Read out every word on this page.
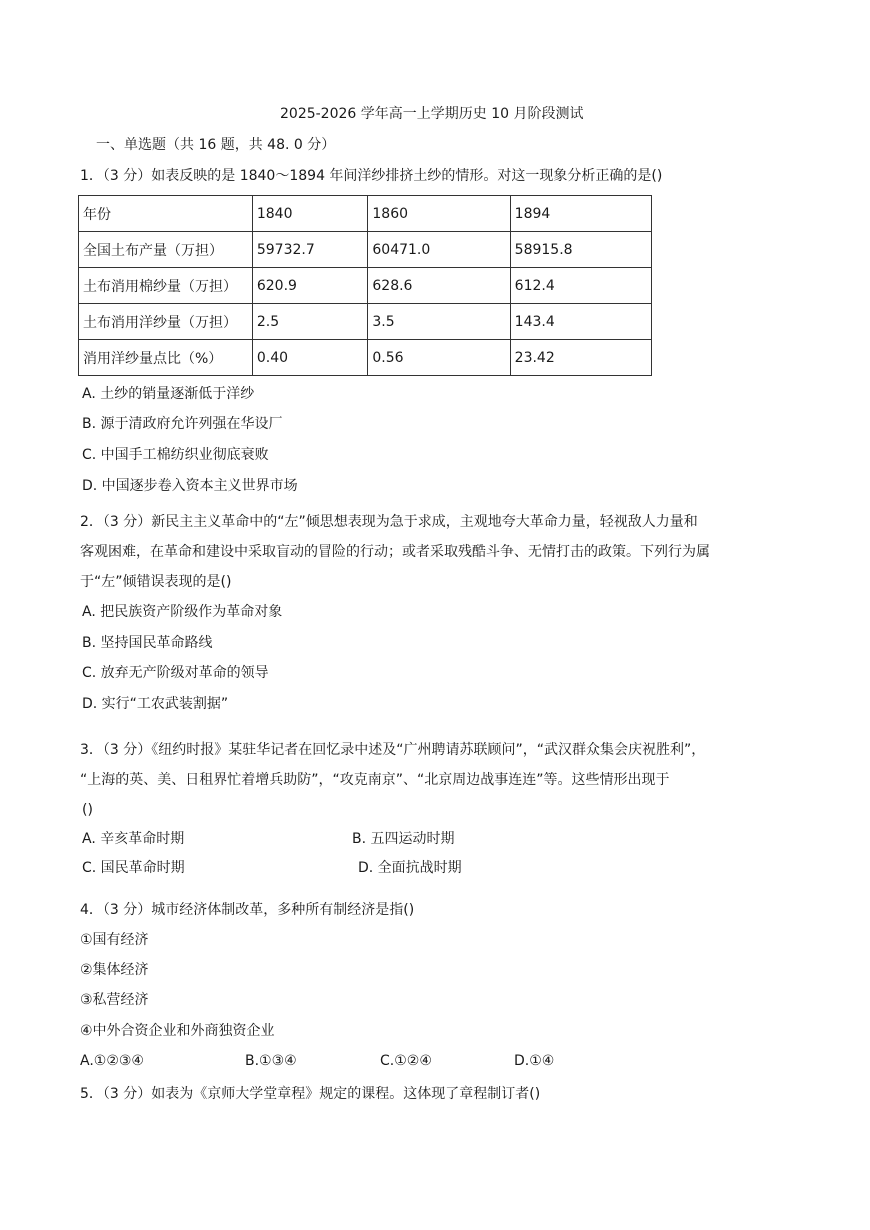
2025-2026 学年高一上学期历史 10 月阶段测试
一、单选题（共 16 题，共 48. 0 分）
1．（3 分）如表反映的是 1840～1894 年间洋纱排挤土纱的情形。对这一现象分析正确的是()
年份	1840	1860	1894
全国土布产量（万担）	59732.7	60471.0	58915.8
土布消用棉纱量（万担）	620.9	628.6	612.4
土布消用洋纱量（万担）	2.5	3.5	143.4
消用洋纱量点比（%）	0.40	0.56	23.42
A. 土纱的销量逐渐低于洋纱
B. 源于清政府允许列强在华设厂
C. 中国手工棉纺织业彻底衰败
D. 中国逐步卷入资本主义世界市场
2．（3 分）新民主主义革命中的“左”倾思想表现为急于求成，主观地夸大革命力量，轻视敌人力量和
客观困难，在革命和建设中采取盲动的冒险的行动；或者采取残酷斗争、无情打击的政策。下列行为属
于“左”倾错误表现的是()
A. 把民族资产阶级作为革命对象
B. 坚持国民革命路线
C. 放弃无产阶级对革命的领导
D. 实行“工农武装割据”
3．（3 分）《纽约时报》某驻华记者在回忆录中述及“广州聘请苏联顾问”，“武汉群众集会庆祝胜利”，
“上海的英、美、日租界忙着增兵助防”，“攻克南京”、“北京周边战事连连”等。这些情形出现于
()
A. 辛亥革命时期	B. 五四运动时期
C. 国民革命时期	D. 全面抗战时期
4．（3 分）城市经济体制改革，多种所有制经济是指()
①国有经济
②集体经济
③私营经济
④中外合资企业和外商独资企业
A.①②③④	B.①③④	C.①②④	D.①④
5．（3 分）如表为《京师大学堂章程》规定的课程。这体现了章程制订者()
